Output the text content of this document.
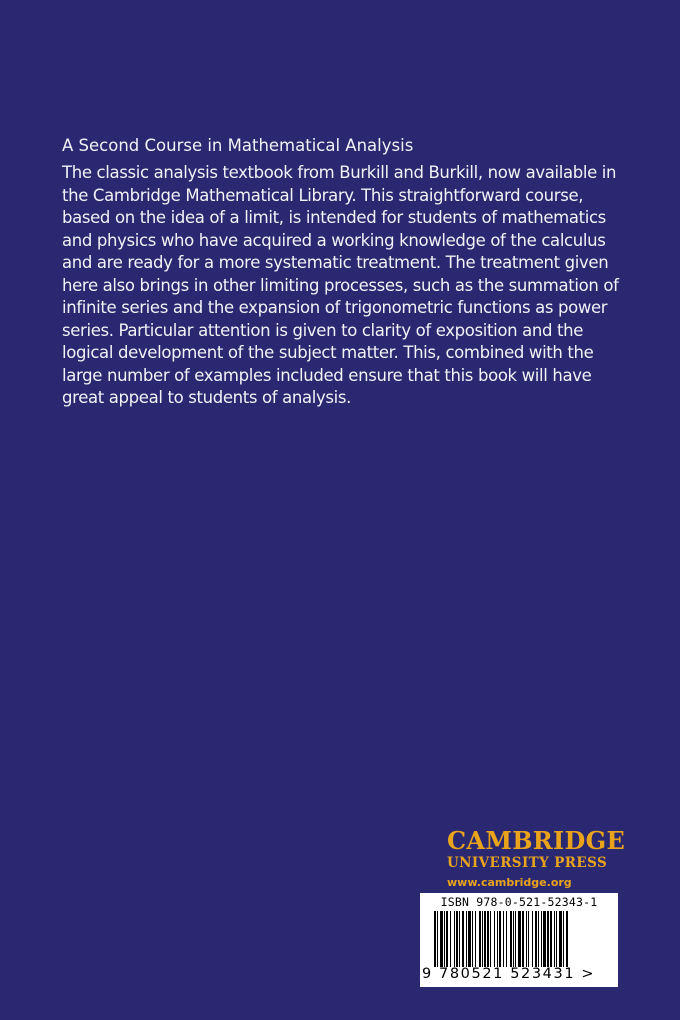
A Second Course in Mathematical Analysis

The classic analysis textbook from Burkill and Burkill, now available in
the Cambridge Mathematical Library. This straightforward course,
based on the idea of a limit, is intended for students of mathematics
and physics who have acquired a working knowledge of the calculus
and are ready for a more systematic treatment. The treatment given
here also brings in other limiting processes, such as the summation of
infinite series and the expansion of trigonometric functions as power
series. Particular attention is given to clarity of exposition and the
logical development of the subject matter. This, combined with the
large number of examples included ensure that this book will have
great appeal to students of analysis.

CAMBRIDGE
UNIVERSITY PRESS
www.cambridge.org
ISBN 978-0-521-52343-1
9 780521 523431 >
